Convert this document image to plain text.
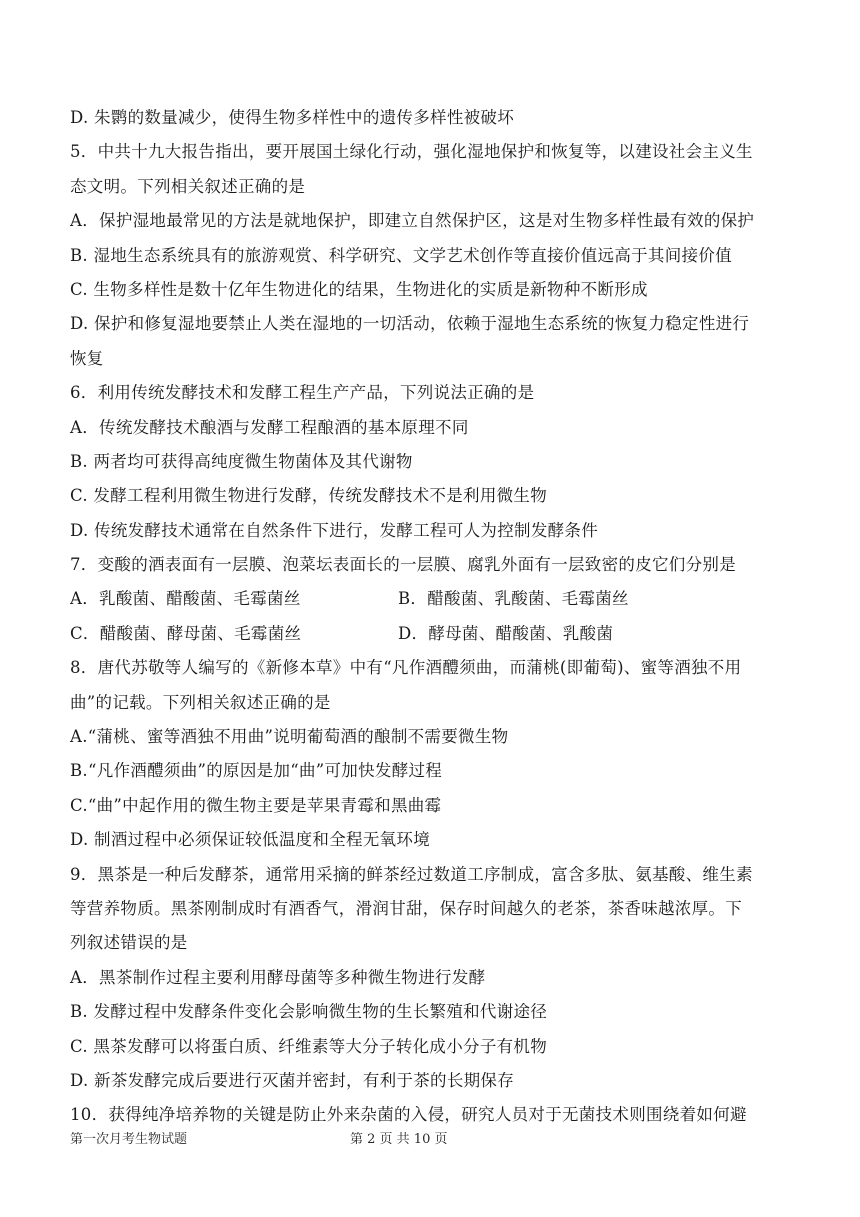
D. 朱鹮的数量减少，使得生物多样性中的遗传多样性被破坏
5．中共十九大报告指出，要开展国土绿化行动，强化湿地保护和恢复等，以建设社会主义生
态文明。下列相关叙述正确的是
A．保护湿地最常见的方法是就地保护，即建立自然保护区，这是对生物多样性最有效的保护
B. 湿地生态系统具有的旅游观赏、科学研究、文学艺术创作等直接价值远高于其间接价值
C. 生物多样性是数十亿年生物进化的结果，生物进化的实质是新物种不断形成
D. 保护和修复湿地要禁止人类在湿地的一切活动，依赖于湿地生态系统的恢复力稳定性进行
恢复
6．利用传统发酵技术和发酵工程生产产品，下列说法正确的是
A．传统发酵技术酿酒与发酵工程酿酒的基本原理不同
B. 两者均可获得高纯度微生物菌体及其代谢物
C. 发酵工程利用微生物进行发酵，传统发酵技术不是利用微生物
D. 传统发酵技术通常在自然条件下进行，发酵工程可人为控制发酵条件
7．变酸的酒表面有一层膜、泡菜坛表面长的一层膜、腐乳外面有一层致密的皮它们分别是
A．乳酸菌、醋酸菌、毛霉菌丝	B．醋酸菌、乳酸菌、毛霉菌丝
C．醋酸菌、酵母菌、毛霉菌丝	D．酵母菌、醋酸菌、乳酸菌
8．唐代苏敬等人编写的《新修本草》中有“凡作酒醴须曲，而蒲桃(即葡萄)、蜜等酒独不用
曲”的记载。下列相关叙述正确的是
A.“蒲桃、蜜等酒独不用曲”说明葡萄酒的酿制不需要微生物
B.“凡作酒醴须曲”的原因是加“曲”可加快发酵过程
C.“曲”中起作用的微生物主要是苹果青霉和黑曲霉
D. 制酒过程中必须保证较低温度和全程无氧环境
9．黑茶是一种后发酵茶，通常用采摘的鲜茶经过数道工序制成，富含多肽、氨基酸、维生素
等营养物质。黑茶刚制成时有酒香气，滑润甘甜，保存时间越久的老茶，茶香味越浓厚。下
列叙述错误的是
A．黑茶制作过程主要利用酵母菌等多种微生物进行发酵
B. 发酵过程中发酵条件变化会影响微生物的生长繁殖和代谢途径
C. 黑茶发酵可以将蛋白质、纤维素等大分子转化成小分子有机物
D. 新茶发酵完成后要进行灭菌并密封，有利于茶的长期保存
10．获得纯净培养物的关键是防止外来杂菌的入侵，研究人员对于无菌技术则围绕着如何避
第一次月考生物试题	第 2 页 共 10 页
